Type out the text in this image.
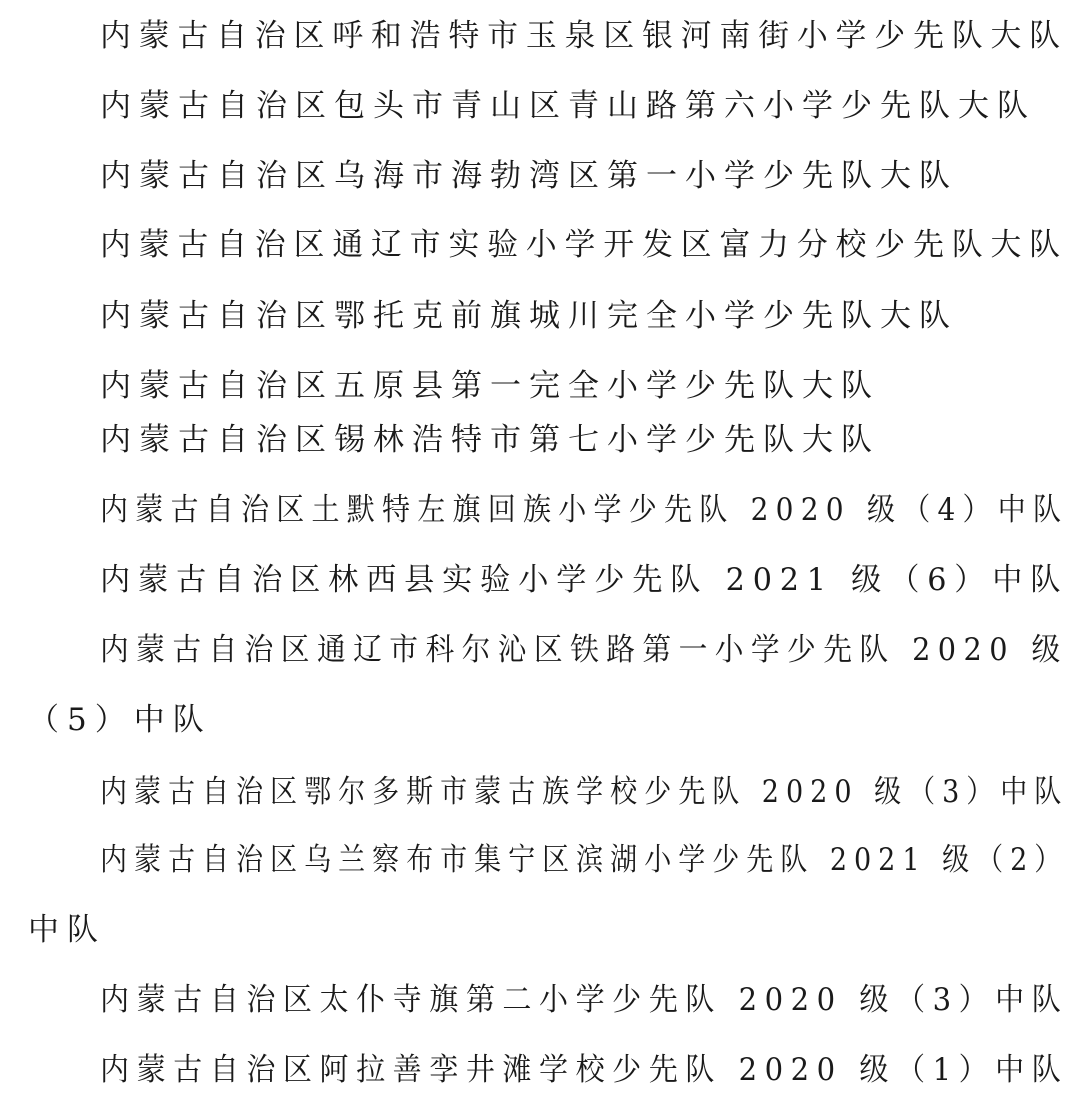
内蒙古自治区呼和浩特市玉泉区银河南街小学少先队大队
内蒙古自治区包头市青山区青山路第六小学少先队大队
内蒙古自治区乌海市海勃湾区第一小学少先队大队
内蒙古自治区通辽市实验小学开发区富力分校少先队大队
内蒙古自治区鄂托克前旗城川完全小学少先队大队
内蒙古自治区五原县第一完全小学少先队大队
内蒙古自治区锡林浩特市第七小学少先队大队
内蒙古自治区土默特左旗回族小学少先队 2020 级（4）中队
内蒙古自治区林西县实验小学少先队 2021 级（6）中队
内蒙古自治区通辽市科尔沁区铁路第一小学少先队 2020 级
（5）中队
内蒙古自治区鄂尔多斯市蒙古族学校少先队 2020 级（3）中队
内蒙古自治区乌兰察布市集宁区滨湖小学少先队 2021 级（2）
中队
内蒙古自治区太仆寺旗第二小学少先队 2020 级（3）中队
内蒙古自治区阿拉善孪井滩学校少先队 2020 级（1）中队
